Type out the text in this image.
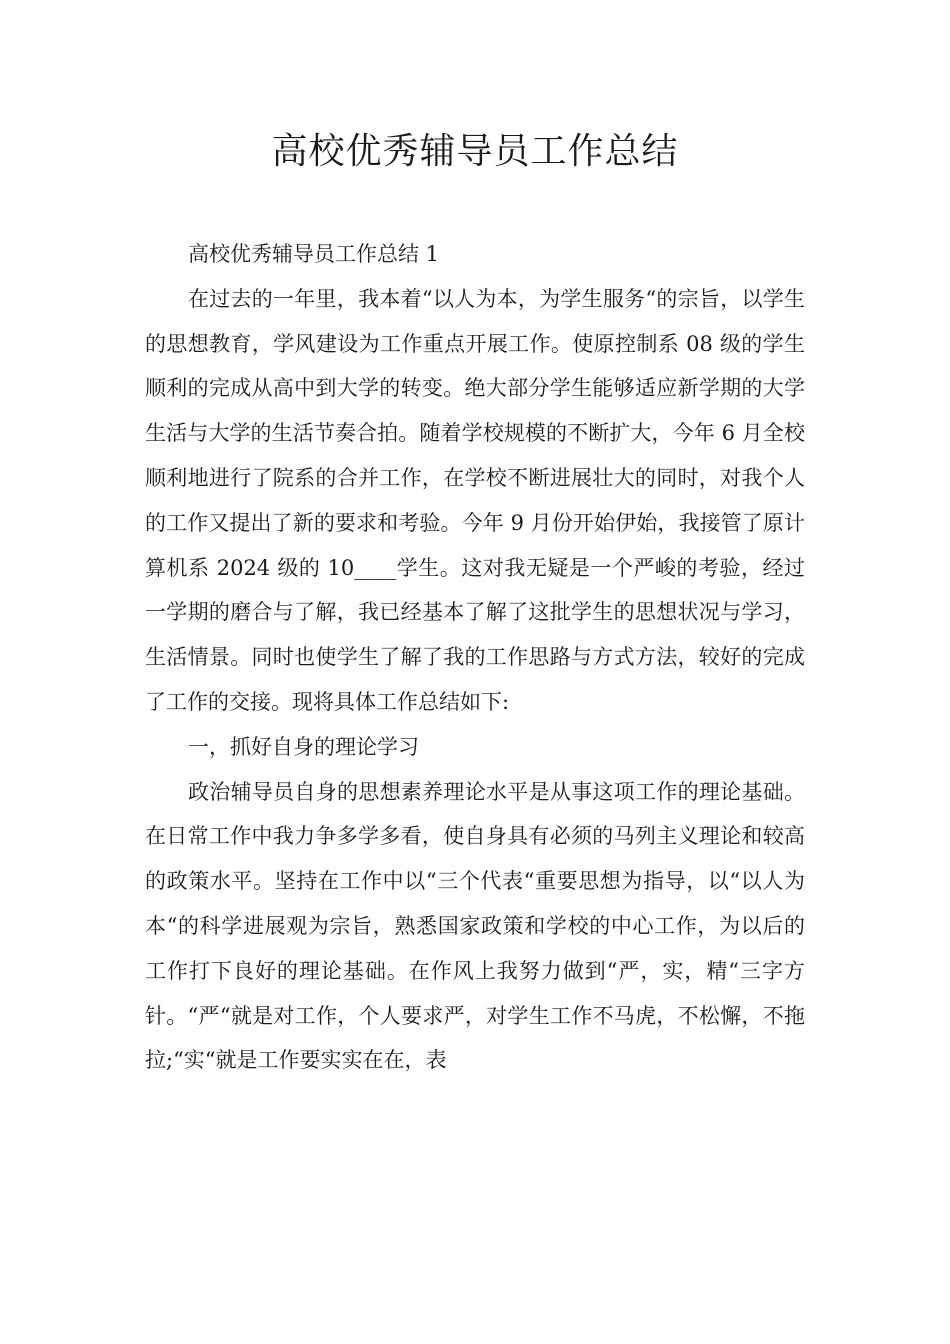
高校优秀辅导员工作总结

高校优秀辅导员工作总结 1

在过去的一年里，我本着“以人为本，为学生服务“的宗旨，以学生的思想教育，学风建设为工作重点开展工作。使原控制系 08 级的学生顺利的完成从高中到大学的转变。绝大部分学生能够适应新学期的大学生活与大学的生活节奏合拍。随着学校规模的不断扩大，今年 6 月全校顺利地进行了院系的合并工作，在学校不断进展壮大的同时，对我个人的工作又提出了新的要求和考验。今年 9 月份开始伊始，我接管了原计算机系 2024 级的 10____学生。这对我无疑是一个严峻的考验，经过一学期的磨合与了解，我已经基本了解了这批学生的思想状况与学习，生活情景。同时也使学生了解了我的工作思路与方式方法，较好的完成了工作的交接。现将具体工作总结如下:

一，抓好自身的理论学习

政治辅导员自身的思想素养理论水平是从事这项工作的理论基础。在日常工作中我力争多学多看，使自身具有必须的马列主义理论和较高的政策水平。坚持在工作中以“三个代表“重要思想为指导，以“以人为本“的科学进展观为宗旨，熟悉国家政策和学校的中心工作，为以后的工作打下良好的理论基础。在作风上我努力做到“严，实，精“三字方针。“严“就是对工作，个人要求严，对学生工作不马虎，不松懈，不拖拉;“实“就是工作要实实在在，表
